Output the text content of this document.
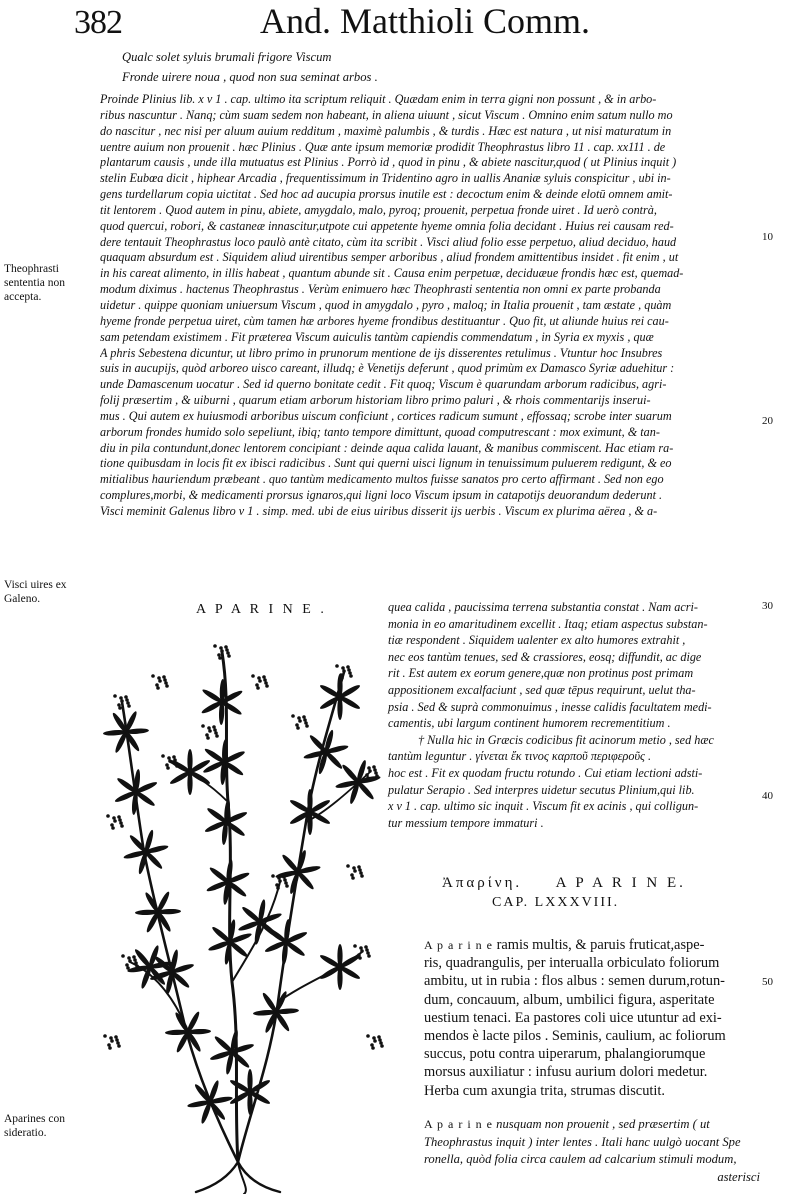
382	And. Matthioli Comm.
Qualc solet syluis brumali frigore Viscum
Fronde uirere noua , quod non sua seminat arbos .
Proinde Plinius lib. x v 1 . cap. ultimo ita scriptum reliquit . Quædam enim in terra gigni non possunt , & in arbo-
ribus nascuntur . Nanq; cùm suam sedem non habeant, in aliena uiuunt , sicut Viscum . Omnino enim satum nullo mo
do nascitur , nec nisi per aluum auium redditum , maximè palumbis , & turdis . Hæc est natura , ut nisi maturatum in
uentre auium non prouenit . hæc Plinius . Quæ ante ipsum memoriæ prodidit Theophrastus libro 11 . cap. xx111 . de
plantarum causis , unde illa mutuatus est Plinius . Porrò id , quod in pinu , & abiete nascitur,quod ( ut Plinius inquit )
stelin Eubœa dicit , hiphear Arcadia , frequentissimum in Tridentino agro in uallis Ananiæ syluis conspicitur , ubi in-
gens turdellarum copia uictitat . Sed hoc ad aucupia prorsus inutile est : decoctum enim & deinde elotū omnem amit-
tit lentorem . Quod autem in pinu, abiete, amygdalo, malo, pyroq; prouenit, perpetua fronde uiret . Id uerò contrà,
quod quercui, robori, & castaneæ innascitur,utpote cui appetente hyeme omnia folia decidant . Huius rei causam red-
dere tentauit Theophrastus loco paulò antè citato, cùm ita scribit . Visci aliud folio esse perpetuo, aliud deciduo, haud
quaquam absurdum est . Siquidem aliud uirentibus semper arboribus , aliud frondem amittentibus insidet . fit enim , ut
in his careat alimento, in illis habeat , quantum abunde sit . Causa enim perpetuæ, deciduæue frondis hæc est, quemad-
modum diximus . hactenus Theophrastus . Verùm enimuero hæc Theophrasti sententia non omni ex parte probanda
uidetur . quippe quoniam uniuersum Viscum , quod in amygdalo , pyro , maloq; in Italia prouenit , tam æstate , quàm
hyeme fronde perpetua uiret, cùm tamen hæ arbores hyeme frondibus destituantur . Quo fit, ut aliunde huius rei cau-
sam petendam existimem . Fit præterea Viscum auiculis tantùm capiendis commendatum , in Syria ex myxis , quæ
A phris Sebestena dicuntur, ut libro primo in prunorum mentione de ijs disserentes retulimus . Vtuntur hoc Insubres
suis in aucupijs, quòd arboreo uisco careant, illudq; è Venetijs deferunt , quod primùm ex Damasco Syriæ aduehitur :
unde Damascenum uocatur . Sed id querno bonitate cedit . Fit quoq; Viscum è quarundam arborum radicibus, agri-
folij præsertim , & uiburni , quarum etiam arborum historiam libro primo paluri , & rhois commentarijs inserui-
mus . Qui autem ex huiusmodi arboribus uiscum conficiunt , cortices radicum sumunt , effossaq; scrobe inter suarum
arborum frondes humido solo sepeliunt, ibiq; tanto tempore dimittunt, quoad computrescant : mox eximunt, & tan-
diu in pila contundunt,donec lentorem concipiant : deinde aqua calida lauant, & manibus commiscent. Hac etiam ra-
tione quibusdam in locis fit ex ibisci radicibus . Sunt qui querni uisci lignum in tenuissimum puluerem redigunt, & eo
mitialibus hauriendum præbeant . quo tantùm medicamento multos fuisse sanatos pro certo affirmant . Sed non ego
complures,morbi, & medicamenti prorsus ignaros,qui ligni loco Viscum ipsum in catapotijs deuorandum dederunt .
Visci meminit Galenus libro v 1 . simp. med. ubi de eius uiribus disserit ijs uerbis . Viscum ex plurima aërea , & a-
Theophrasti sententia non accepta.
Visci uires ex Galeno.
Aparines con sideratio.
10
20
30
40
50
A P A R I N E .	quea calida , paucissima terrena substantia constat . Nam acri-
monia in eo amaritudinem excellit . Itaq; etiam aspectus substan-
tiæ respondent . Siquidem ualenter ex alto humores extrahit ,
nec eos tantùm tenues, sed & crassiores, eosq; diffundit, ac dige
rit . Est autem ex eorum genere,quæ non protinus post primam
appositionem excalfaciunt , sed quæ tēpus requirunt, uelut tha-
psia . Sed & suprà commonuimus , inesse calidis facultatem medi-
camentis, ubi largum continent humorem recrementitium .
† Nulla hic in Græcis codicibus fit acinorum metio , sed hæc
tantùm leguntur . γίνεται ἔκ τινος καρποῦ περιφεροῦς .
hoc est . Fit ex quodam fructu rotundo . Cui etiam lectioni adsti-
pulatur Serapio . Sed interpres uidetur secutus Plinium,qui lib.
x v 1 . cap. ultimo sic inquit . Viscum fit ex acinis , qui colligun-
tur messium tempore immaturi .
Ἀπαρίνη. A P A R I N E.
CAP. LXXXVIII.
A p a r i n e ramis multis, & paruis fruticat,aspe-
ris, quadrangulis, per interualla orbiculato foliorum
ambitu, ut in rubia : flos albus : semen durum,rotun-
dum, concauum, album, umbilici figura, asperitate
uestium tenaci. Ea pastores coli uice utuntur ad exi-
mendos è lacte pilos . Seminis, caulium, ac foliorum
succus, potu contra uiperarum, phalangiorumque
morsus auxiliatur : infusu aurium dolori medetur.
Herba cum axungia trita, strumas discutit.
A p a r i n e nusquam non prouenit , sed præsertim ( ut
Theophrastus inquit ) inter lentes . Itali hanc uulgò uocant Spe
ronella, quòd folia circa caulem ad calcarium stimuli modum,
asterisci
